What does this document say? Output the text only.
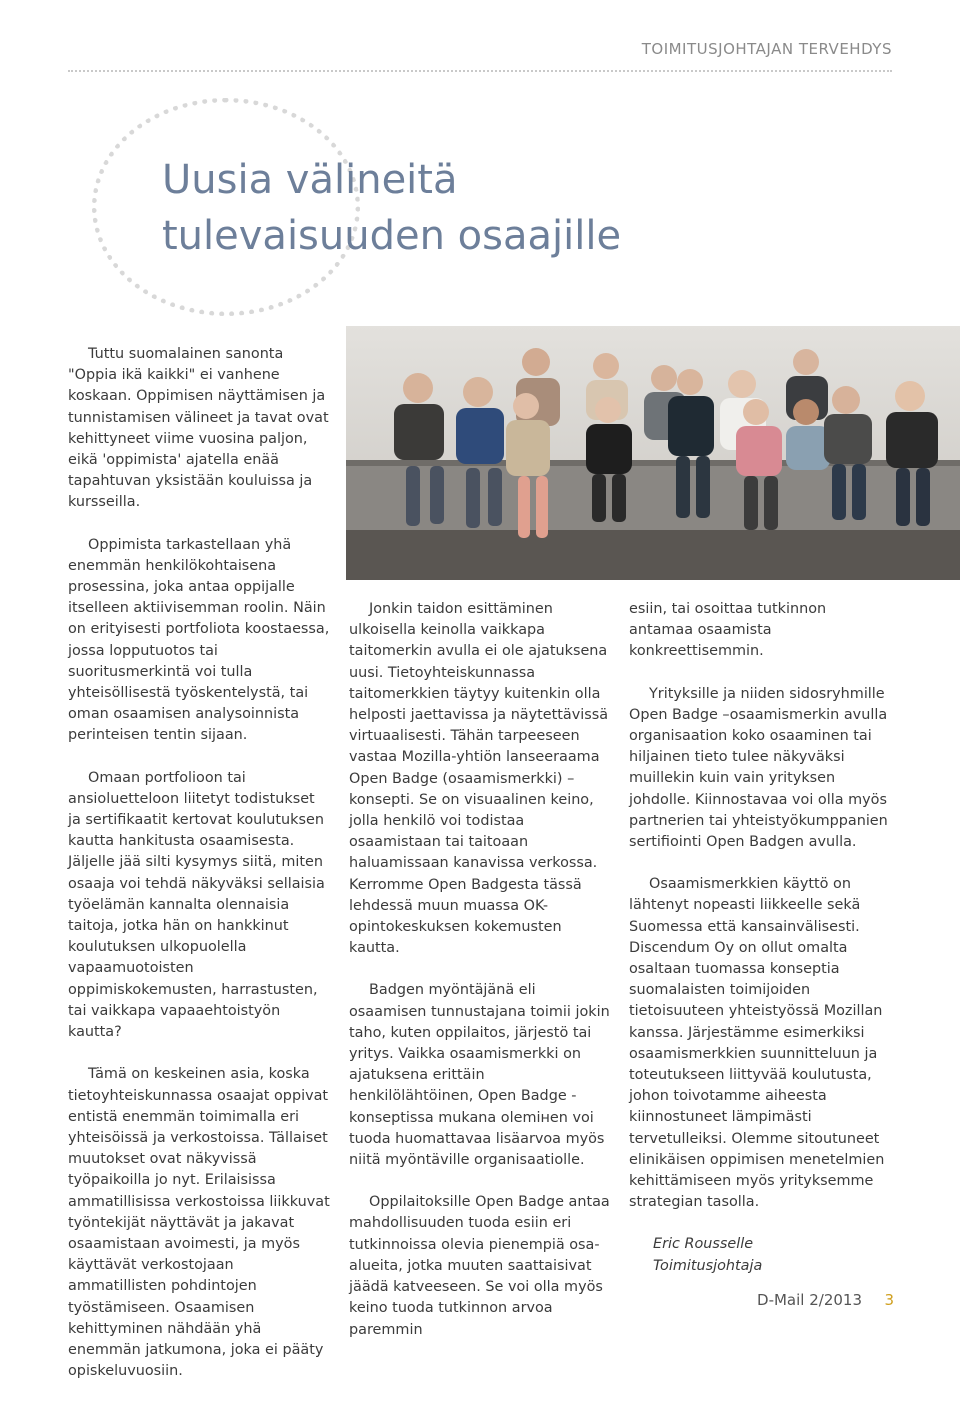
TOIMITUSJOHTAJAN TERVEHDYS
Uusia välineitä
tulevaisuuden osaajille

Tuttu suomalainen sanonta "Oppia ikä kaikki" ei vanhene koskaan. Oppimisen näyttämisen ja tunnistamisen välineet ja tavat ovat kehittyneet viime vuosina paljon, eikä 'oppimista' ajatella enää tapahtuvan yksistään kouluissa ja kursseilla.

Oppimista tarkastellaan yhä enemmän henkilökohtaisena prosessina, joka antaa oppijalle itselleen aktiivisemman roolin. Näin on erityisesti portfoliota koostaessa, jossa lopputuotos tai suoritusmerkintä voi tulla yhteisöllisestä työskentelystä, tai oman osaamisen analysoinnista perinteisen tentin sijaan.

Omaan portfolioon tai ansioluetteloon liitetyt todistukset ja sertifikaatit kertovat koulutuksen kautta hankitusta osaamisesta. Jäljelle jää silti kysymys siitä, miten osaaja voi tehdä näkyväksi sellaisia työelämän kannalta olennaisia taitoja, jotka hän on hankkinut koulutuksen ulkopuolella vapaamuotoisten oppimiskokemusten, harrastusten, tai vaikkapa vapaaehtoistyön kautta?

Tämä on keskeinen asia, koska tietoyhteiskunnassa osaajat oppivat entistä enemmän toimimalla eri yhteisöissä ja verkostoissa. Tällaiset muutokset ovat näkyvissä työpaikoilla jo nyt. Erilaisissa ammatillisissa verkostoissa liikkuvat työntekijät näyttävät ja jakavat osaamistaan avoimesti, ja myös käyttävät verkostojaan ammatillisten pohdintojen työstämiseen. Osaamisen kehittyminen nähdään yhä enemmän jatkumona, joka ei pääty opiskeluvuosiin.

Jonkin taidon esittäminen ulkoisella keinolla vaikkapa taitomerkin avulla ei ole ajatuksena uusi. Tietoyhteiskunnassa taitomerkkien täytyy kuitenkin olla helposti jaettavissa ja näytettävissä virtuaalisesti. Tähän tarpeeseen vastaa Mozilla-yhtiön lanseeraama Open Badge (osaamismerkki) –konsepti. Se on visuaalinen keino, jolla henkilö voi todistaa osaamistaan tai taitoaan haluamissaan kanavissa verkossa. Kerromme Open Badgesta tässä lehdessä muun muassa OK-opintokeskuksen kokemusten kautta.

Badgen myöntäjänä eli osaamisen tunnustajana toimii jokin taho, kuten oppilaitos, järjestö tai yritys. Vaikka osaamismerkki on ajatuksena erittäin henkilölähtöinen, Open Badge -konseptissa mukana olemінen voi tuoda huomattavaa lisäarvoa myös niitä myöntäville organisaatiolle.

Oppilaitoksille Open Badge antaa mahdollisuuden tuoda esiin eri tutkinnoissa olevia pienempiä osa-alueita, jotka muuten saattaisivat jäädä katveeseen. Se voi olla myös keino tuoda tutkinnon arvoa paremmin

esiin, tai osoittaa tutkinnon antamaa osaamista konkreettisemmin.

Yrityksille ja niiden sidosryhmille Open Badge –osaamismerkin avulla organisaation koko osaaminen tai hiljainen tieto tulee näkyväksi muillekin kuin vain yrityksen johdolle. Kiinnostavaa voi olla myös partnerien tai yhteistyökumppanien sertifiointi Open Badgen avulla.

Osaamismerkkien käyttö on lähtenyt nopeasti liikkeelle sekä Suomessa että kansainvälisesti. Discendum Oy on ollut omalta osaltaan tuomassa konseptia suomalaisten toimijoiden tietoisuuteen yhteistyössä Mozillan kanssa. Järjestämme esimerkiksi osaamismerkkien suunnitteluun ja toteutukseen liittyvää koulutusta, johon toivotamme aiheesta kiinnostuneet lämpimästi tervetulleiksi. Olemme sitoutuneet elinikäisen oppimisen menetelmien kehittämiseen myös yrityksemme strategian tasolla.

Eric Rousselle
Toimitusjohtaja
D-Mail 2/2013 3
